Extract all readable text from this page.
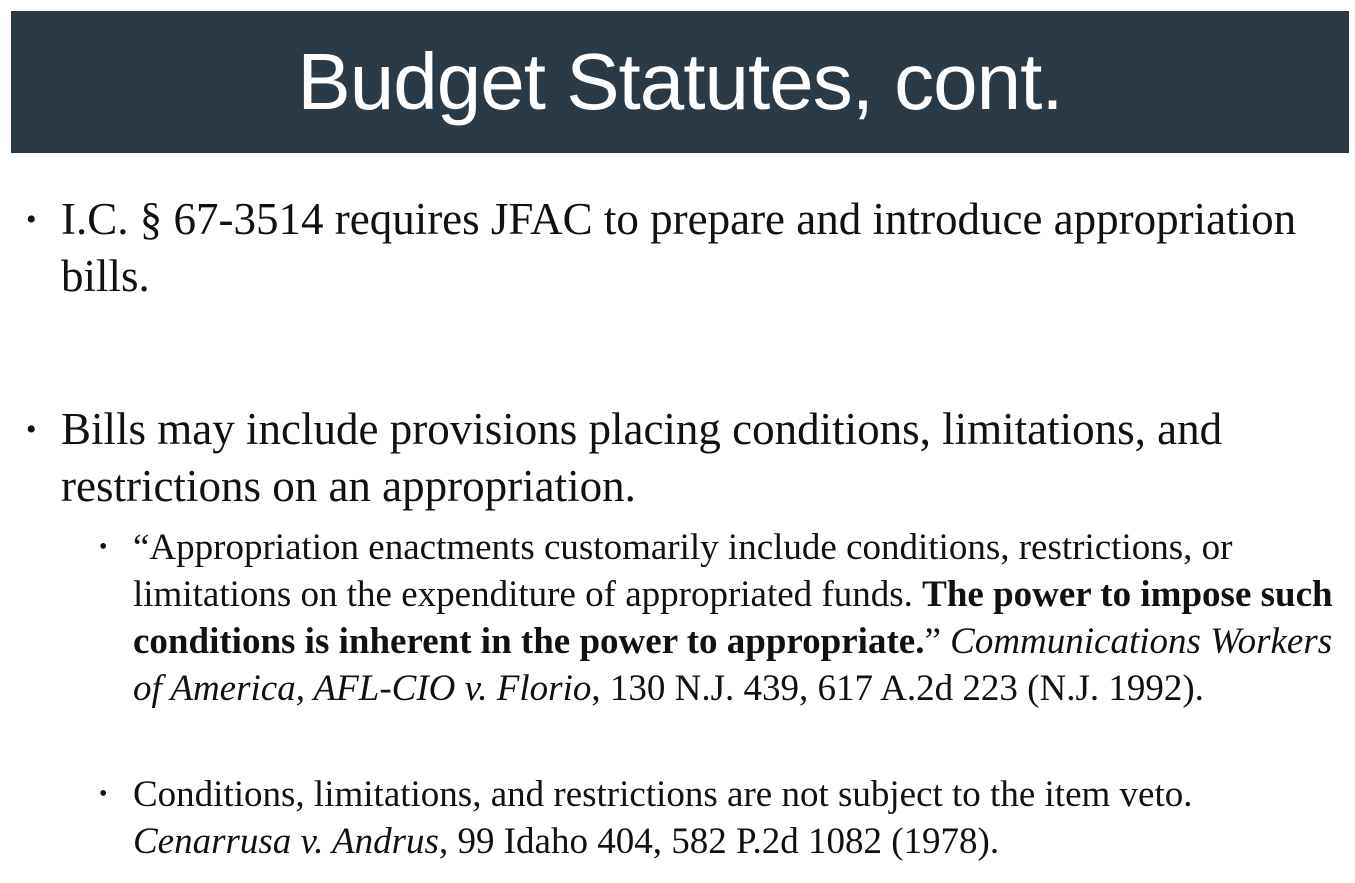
Budget Statutes, cont.
• I.C. § 67-3514 requires JFAC to prepare and introduce appropriation bills.
• Bills may include provisions placing conditions, limitations, and restrictions on an appropriation.
• “Appropriation enactments customarily include conditions, restrictions, or limitations on the expenditure of appropriated funds. The power to impose such conditions is inherent in the power to appropriate.” Communications Workers of America, AFL-CIO v. Florio, 130 N.J. 439, 617 A.2d 223 (N.J. 1992).
• Conditions, limitations, and restrictions are not subject to the item veto. Cenarrusa v. Andrus, 99 Idaho 404, 582 P.2d 1082 (1978).
